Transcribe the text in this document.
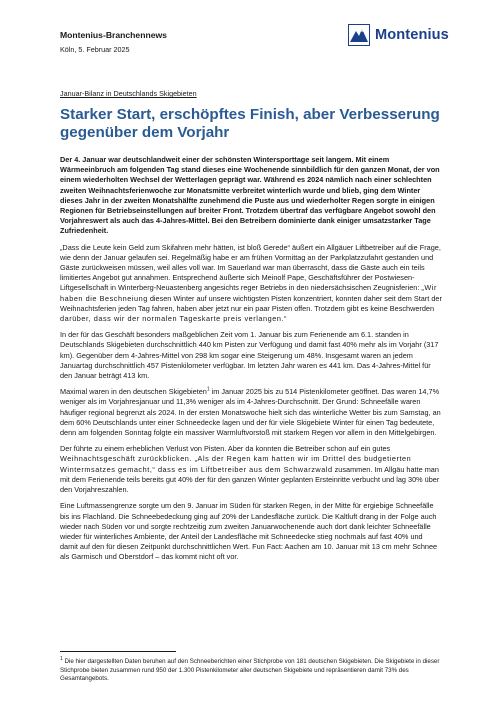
Montenius-Branchennews
Köln, 5. Februar 2025
Montenius
Januar-Bilanz in Deutschlands Skigebieten
Starker Start, erschöpftes Finish, aber Verbesserung gegenüber dem Vorjahr

Der 4. Januar war deutschlandweit einer der schönsten Wintersporttage seit langem. Mit einem Wärmeeinbruch am folgenden Tag stand dieses eine Wochenende sinnbildlich für den ganzen Monat, der von einem wiederholten Wechsel der Wetterlagen geprägt war. Während es 2024 nämlich nach einer schlechten zweiten Weihnachtsferienwoche zur Monatsmitte verbreitet winterlich wurde und blieb, ging dem Winter dieses Jahr in der zweiten Monatshälfte zunehmend die Puste aus und wiederholter Regen sorgte in einigen Regionen für Betriebseinstellungen auf breiter Front. Trotzdem übertraf das verfügbare Angebot sowohl den Vorjahreswert als auch das 4-Jahres-Mittel. Bei den Betreibern dominierte dank einiger umsatzstarker Tage Zufriedenheit.

„Dass die Leute kein Geld zum Skifahren mehr hätten, ist bloß Gerede“ äußert ein Allgäuer Liftbetreiber auf die Frage, wie denn der Januar gelaufen sei. Regelmäßig habe er am frühen Vormittag an der Parkplatzzufahrt gestanden und Gäste zurückweisen müssen, weil alles voll war. Im Sauerland war man überrascht, dass die Gäste auch ein teils limitiertes Angebot gut annahmen. Entsprechend äußerte sich Meinolf Pape, Geschäftsführer der Postwiesen-Liftgesellschaft in Winterberg-Neuastenberg angesichts reger Betriebs in den niedersächsischen Zeugnisferien: „Wir haben die Beschneiung diesen Winter auf unsere wichtigsten Pisten konzentriert, konnten daher seit dem Start der Weihnachtsferien jeden Tag fahren, haben aber jetzt nur ein paar Pisten offen. Trotzdem gibt es keine Beschwerden darüber, dass wir der normalen Tageskarte preis verlangen.“

In der für das Geschäft besonders maßgeblichen Zeit vom 1. Januar bis zum Ferienende am 6.1. standen in Deutschlands Skigebieten durchschnittlich 440 km Pisten zur Verfügung und damit fast 40% mehr als im Vorjahr (317 km). Gegenüber dem 4-Jahres-Mittel von 298 km sogar eine Steigerung um 48%. Insgesamt waren an jedem Januartag durchschnittlich 457 Pistenkilometer verfügbar. Im letzten Jahr waren es 441 km. Das 4-Jahres-Mittel für den Januar beträgt 413 km.

Maximal waren in den deutschen Skigebieten$^1$ im Januar 2025 bis zu 514 Pistenkilometer geöffnet. Das waren 14,7% weniger als im Vorjahresjanuar und 11,3% weniger als im 4-Jahres-Durchschnitt. Der Grund: Schneefälle waren häufiger regional begrenzt als 2024. In der ersten Monatswoche hielt sich das winterliche Wetter bis zum Samstag, an dem 60% Deutschlands unter einer Schneedecke lagen und der für viele Skigebiete Winter für einen Tag bedeutete, denn am folgenden Sonntag folgte ein massiver Warmluftvorstoß mit starkem Regen vor allem in den Mittelgebirgen.

Der führte zu einem erheblichen Verlust von Pisten. Aber da konnten die Betreiber schon auf ein gutes Weihnachtsgeschäft zurückblicken. „Als der Regen kam hatten wir im Drittel des budgetierten Wintermsatzes gemacht,“ dass es im Liftbetreiber aus dem Schwarzwald zusammen. Im Allgäu hatte man mit dem Ferienende teils bereits gut 40% der für den ganzen Winter geplanten Ersteinritte verbucht und lag 30% über den Vorjahreszahlen.

Eine Luftmassengrenze sorgte um den 9. Januar im Süden für starken Regen, in der Mitte für ergiebige Schneefälle bis ins Flachland. Die Schneebedeckung ging auf 20% der Landesfläche zurück. Die Kaltluft drang in der Folge auch wieder nach Süden vor und sorgte rechtzeitig zum zweiten Januarwochenende auch dort dank leichter Schneefälle wieder für winterliches Ambiente, der Anteil der Landesfläche mit Schneedecke stieg nochmals auf fast 40% und damit auf den für diesen Zeitpunkt durchschnittlichen Wert. Fun Fact: Aachen am 10. Januar mit 13 cm mehr Schnee als Garmisch und Oberstdorf – das kommt nicht oft vor.

$^1$ Die hier dargestellten Daten beruhen auf den Schneeberichten einer Stichprobe von 181 deutschen Skigebieten. Die Skigebiete in dieser Stichprobe bieten zusammen rund 950 der 1.300 Pistenkilometer aller deutschen Skigebiete und repräsentieren damit 73% des Gesamtangebots.
